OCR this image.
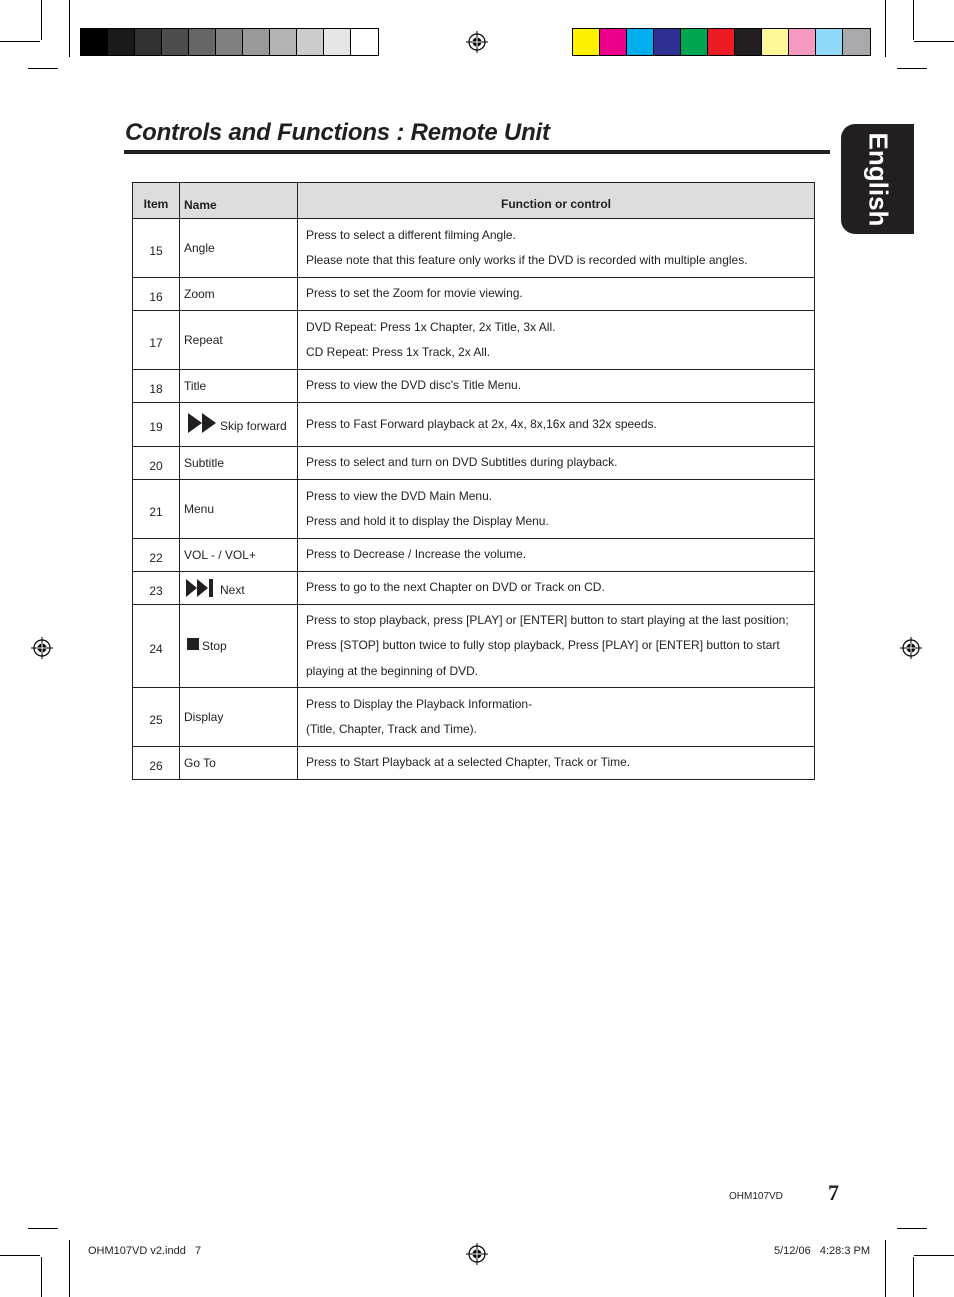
Controls and Functions : Remote Unit	English
Item	Name	Function or control
15	Angle	Press to select a different filming Angle.
Please note that this feature only works if the DVD is recorded with multiple angles.

16	Zoom	Press to set the Zoom for movie viewing.

17	Repeat	DVD Repeat: Press 1x Chapter, 2x Title, 3x All.
CD Repeat: Press 1x Track, 2x All.

18	Title	Press to view the DVD disc's Title Menu.

19	Skip forward	Press to Fast Forward playback at 2x, 4x, 8x,16x and 32x speeds.

20	Subtitle	Press to select and turn on DVD Subtitles during playback.

21	Menu	Press to view the DVD Main Menu.
Press and hold it to display the Display Menu.

22	VOL - / VOL+	Press to Decrease / Increase the volume.

23	Next	Press to go to the next Chapter on DVD or Track on CD.

24	Stop	Press to stop playback, press [PLAY] or [ENTER] button to start playing at the last position;
Press [STOP] button twice to fully stop playback, Press [PLAY] or [ENTER] button to start
playing at the beginning of DVD.

25	Display	Press to Display the Playback Information-
(Title, Chapter, Track and Time).

26	Go To	Press to Start Playback at a selected Chapter, Track or Time.
OHM107VD 7
OHM107VD v2.indd   7	5/12/06   4:28:3 PM
